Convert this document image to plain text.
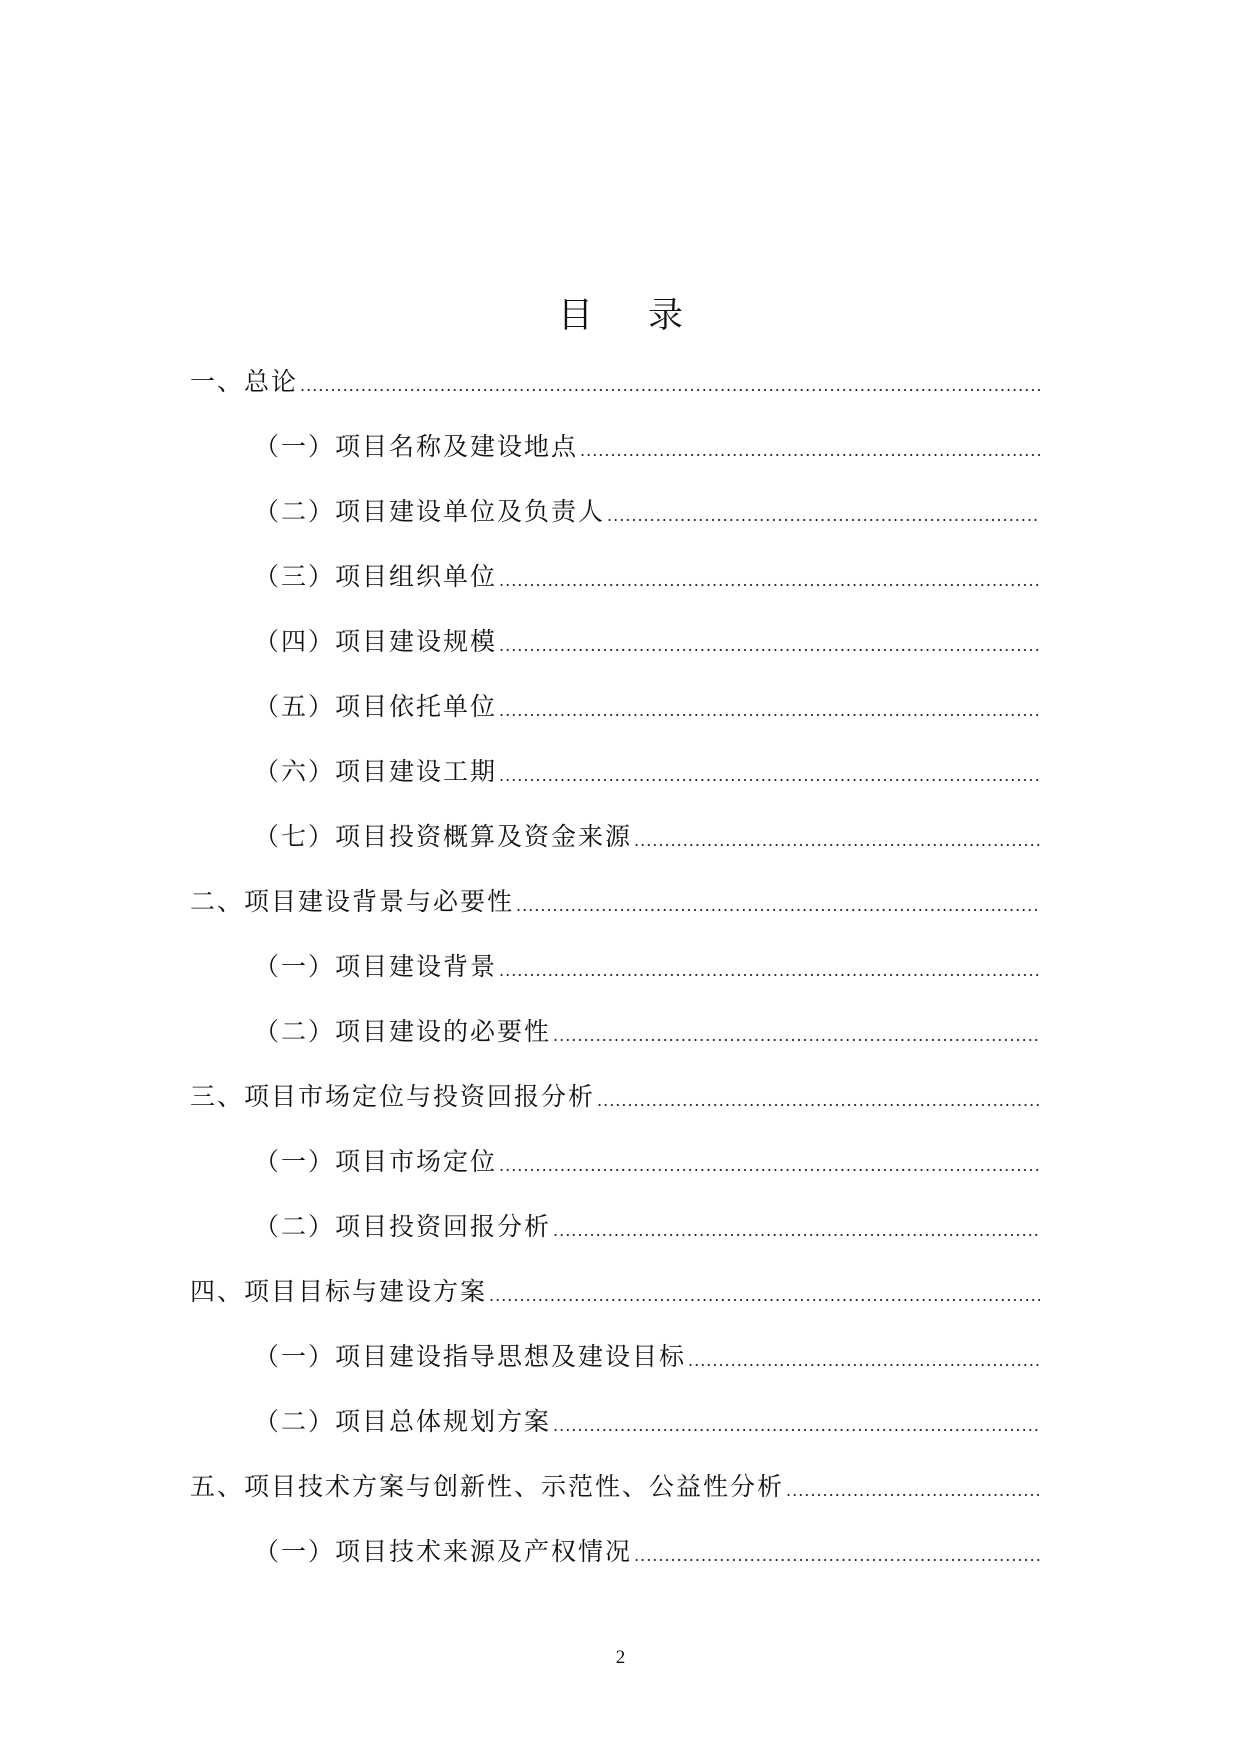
目 录
一、总论
.....
（一）项目名称及建设地点
.....
（二）项目建设单位及负责人
.....
（三）项目组织单位
.....
（四）项目建设规模
.....
（五）项目依托单位
.....
（六）项目建设工期
.....
（七）项目投资概算及资金来源
.....
二、项目建设背景与必要性
.....
（一）项目建设背景
.....
（二）项目建设的必要性
.....
三、项目市场定位与投资回报分析
.....
（一）项目市场定位
.....
（二）项目投资回报分析
.....
四、项目目标与建设方案
.....
（一）项目建设指导思想及建设目标
.....
（二）项目总体规划方案
.....
五、项目技术方案与创新性、示范性、公益性分析
.....
（一）项目技术来源及产权情况
.....
2
